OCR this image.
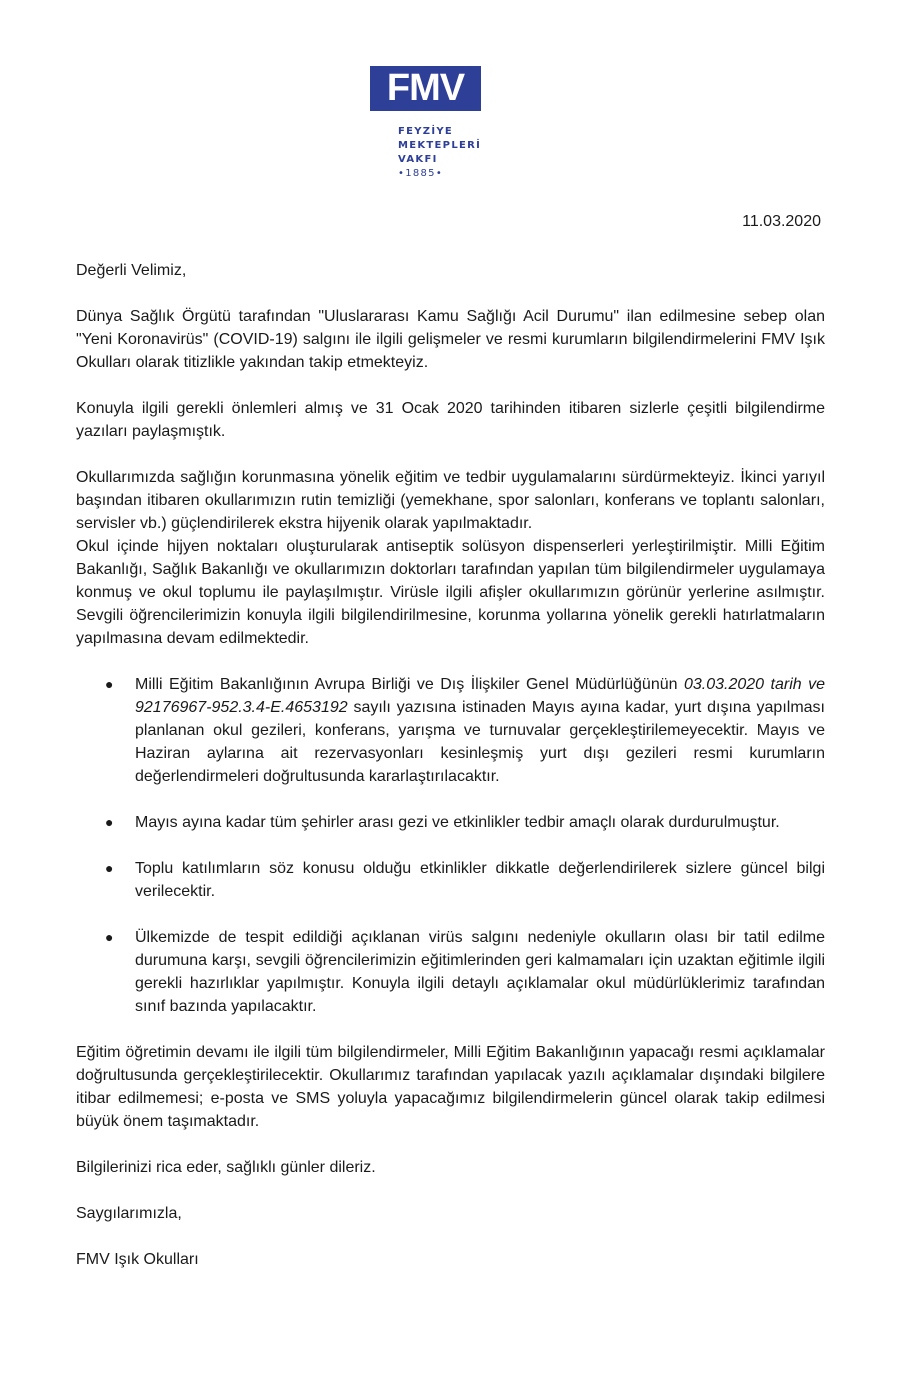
FMV
FEYZİYE
MEKTEPLERİ
VAKFI •1885•
11.03.2020

Değerli Velimiz,

Dünya Sağlık Örgütü tarafından "Uluslararası Kamu Sağlığı Acil Durumu" ilan edilmesine sebep olan "Yeni Koronavirüs" (COVID-19) salgını ile ilgili gelişmeler ve resmi kurumların bilgilendirmelerini FMV Işık Okulları olarak titizlikle yakından takip etmekteyiz.

Konuyla ilgili gerekli önlemleri almış ve 31 Ocak 2020 tarihinden itibaren sizlerle çeşitli bilgilendirme yazıları paylaşmıştık.

Okullarımızda sağlığın korunmasına yönelik eğitim ve tedbir uygulamalarını sürdürmekteyiz. İkinci yarıyıl başından itibaren okullarımızın rutin temizliği (yemekhane, spor salonları, konferans ve toplantı salonları, servisler vb.) güçlendirilerek ekstra hijyenik olarak yapılmaktadır.

Okul içinde hijyen noktaları oluşturularak antiseptik solüsyon dispenserleri yerleştirilmiştir. Milli Eğitim Bakanlığı, Sağlık Bakanlığı ve okullarımızın doktorları tarafından yapılan tüm bilgilendirmeler uygulamaya konmuş ve okul toplumu ile paylaşılmıştır. Virüsle ilgili afişler okullarımızın görünür yerlerine asılmıştır. Sevgili öğrencilerimizin konuyla ilgili bilgilendirilmesine, korunma yollarına yönelik gerekli hatırlatmaların yapılmasına devam edilmektedir.

● Milli Eğitim Bakanlığının Avrupa Birliği ve Dış İlişkiler Genel Müdürlüğünün 03.03.2020 tarih ve 92176967-952.3.4-E.4653192 sayılı yazısına istinaden Mayıs ayına kadar, yurt dışına yapılması planlanan okul gezileri, konferans, yarışma ve turnuvalar gerçekleştirilemeyecektir. Mayıs ve Haziran aylarına ait rezervasyonları kesinleşmiş yurt dışı gezileri resmi kurumların değerlendirmeleri doğrultusunda kararlaştırılacaktır.
● Mayıs ayına kadar tüm şehirler arası gezi ve etkinlikler tedbir amaçlı olarak durdurulmuştur.
● Toplu katılımların söz konusu olduğu etkinlikler dikkatle değerlendirilerek sizlere güncel bilgi verilecektir.
● Ülkemizde de tespit edildiği açıklanan virüs salgını nedeniyle okulların olası bir tatil edilme durumuna karşı, sevgili öğrencilerimizin eğitimlerinden geri kalmamaları için uzaktan eğitimle ilgili gerekli hazırlıklar yapılmıştır. Konuyla ilgili detaylı açıklamalar okul müdürlüklerimiz tarafından sınıf bazında yapılacaktır.

Eğitim öğretimin devamı ile ilgili tüm bilgilendirmeler, Milli Eğitim Bakanlığının yapacağı resmi açıklamalar doğrultusunda gerçekleştirilecektir. Okullarımız tarafından yapılacak yazılı açıklamalar dışındaki bilgilere itibar edilmemesi; e-posta ve SMS yoluyla yapacağımız bilgilendirmelerin güncel olarak takip edilmesi büyük önem taşımaktadır.

Bilgilerinizi rica eder, sağlıklı günler dileriz.

Saygılarımızla,

FMV Işık Okulları
